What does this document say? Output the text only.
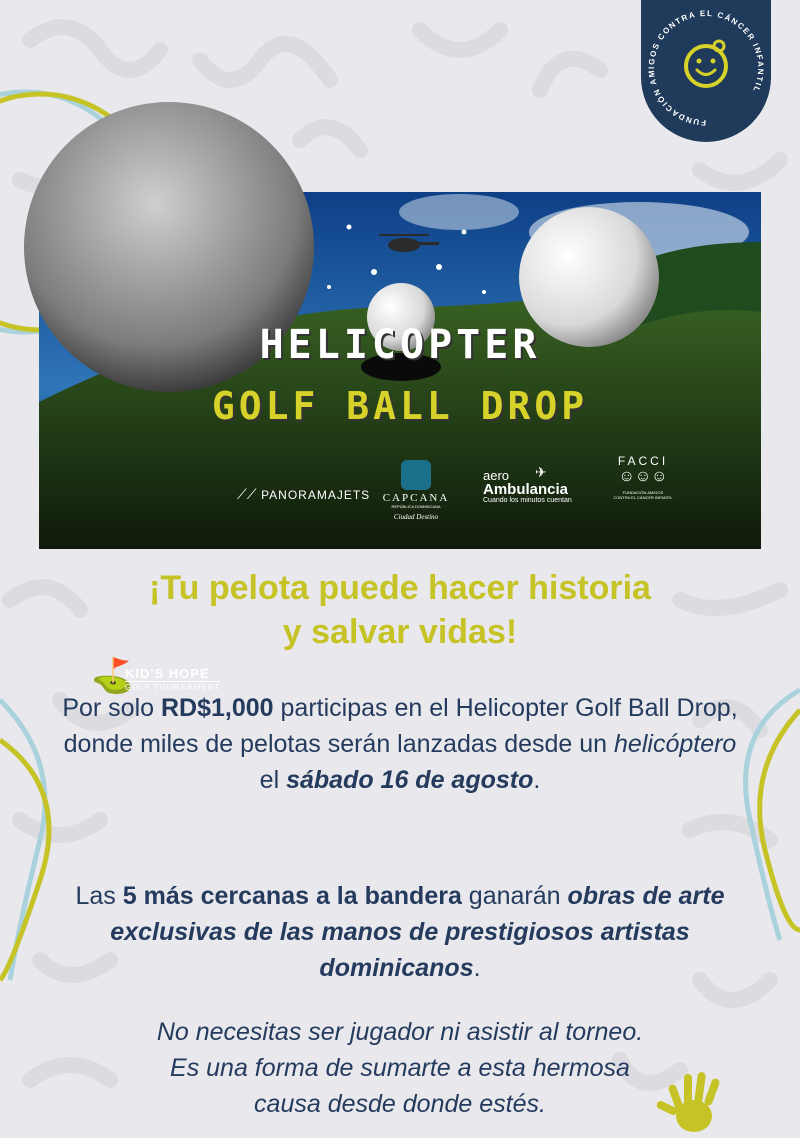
FUNDACIÓN AMIGOS CONTRA EL CÁNCER INFANTIL
HELICOPTER
GOLF BALL DROP
⛳
KID'S HOPE
GOLF TOURNAMENT
⟋⟋ PANORAMAJETS CAPCANA
REPÚBLICA DOMINICANA
Ciudad Destino
✈
aero
Ambulancia
Cuando los minutos cuentan
FACCI
☺☺☺
FUNDACIÓN AMIGOS
CONTRA EL CÁNCER INFANTIL
¡Tu pelota puede hacer historia
y salvar vidas!
Por solo RD$1,000 participas en el Helicopter Golf Ball Drop, donde miles de pelotas serán lanzadas desde un helicóptero
el sábado 16 de agosto.
Las 5 más cercanas a la bandera ganarán obras de arte exclusivas de las manos de prestigiosos artistas dominicanos.
No necesitas ser jugador ni asistir al torneo.
Es una forma de sumarte a esta hermosa
causa desde donde estés.
